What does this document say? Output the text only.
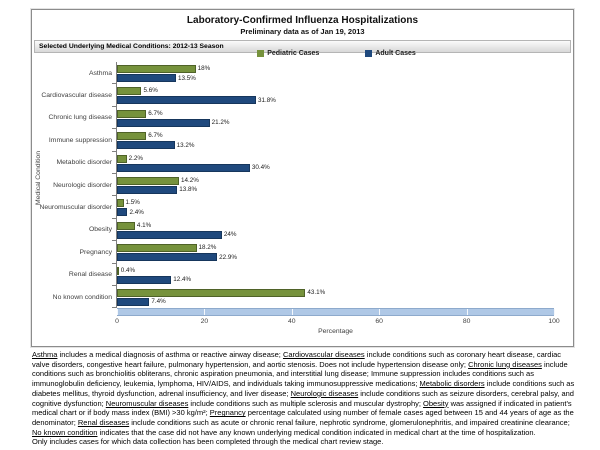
Laboratory-Confirmed Influenza Hospitalizations
Preliminary data as of Jan 19, 2013
Selected Underlying Medical Conditions: 2012-13 Season
Pediatric Cases	Adult Cases
Medical Condition
Asthma
18%
13.5%
Cardiovascular disease
5.6%
31.8%
Chronic lung disease
6.7%
21.2%
Immune suppression
6.7%
13.2%
Metabolic disorder
2.2%
30.4%
Neurologic disorder
14.2%
13.8%
Neuromuscular disorder
1.5%
2.4%
Obesity
4.1%
24%
Pregnancy
18.2%
22.9%
Renal disease
0.4%
12.4%
No known condition
43.1%
7.4%
0	20	40	60	80	100
Percentage
Asthma includes a medical diagnosis of asthma or reactive airway disease; Cardiovascular diseases include conditions such as coronary heart disease, cardiac valve disorders, congestive heart failure, pulmonary hypertension, and aortic stenosis. Does not include hypertension disease only; Chronic lung diseases include conditions such as bronchiolitis obliterans, chronic aspiration pneumonia, and interstitial lung disease; Immune suppression includes conditions such as immunoglobulin deficiency, leukemia, lymphoma, HIV/AIDS, and individuals taking immunosuppressive medications; Metabolic disorders include conditions such as diabetes mellitus, thyroid dysfunction, adrenal insufficiency, and liver disease; Neurologic diseases include conditions such as seizure disorders, cerebral palsy, and cognitive dysfunction; Neuromuscular diseases include conditions such as multiple sclerosis and muscular dystrophy; Obesity was assigned if indicated in patient's medical chart or if body mass index (BMI) >30 kg/m²; Pregnancy percentage calculated using number of female cases aged between 15 and 44 years of age as the denominator; Renal diseases include conditions such as acute or chronic renal failure, nephrotic syndrome, glomerulonephritis, and impaired creatinine clearance; No known condition indicates that the case did not have any known underlying medical condition indicated in medical chart at the time of hospitalization.
Only includes cases for which data collection has been completed through the medical chart review stage.
